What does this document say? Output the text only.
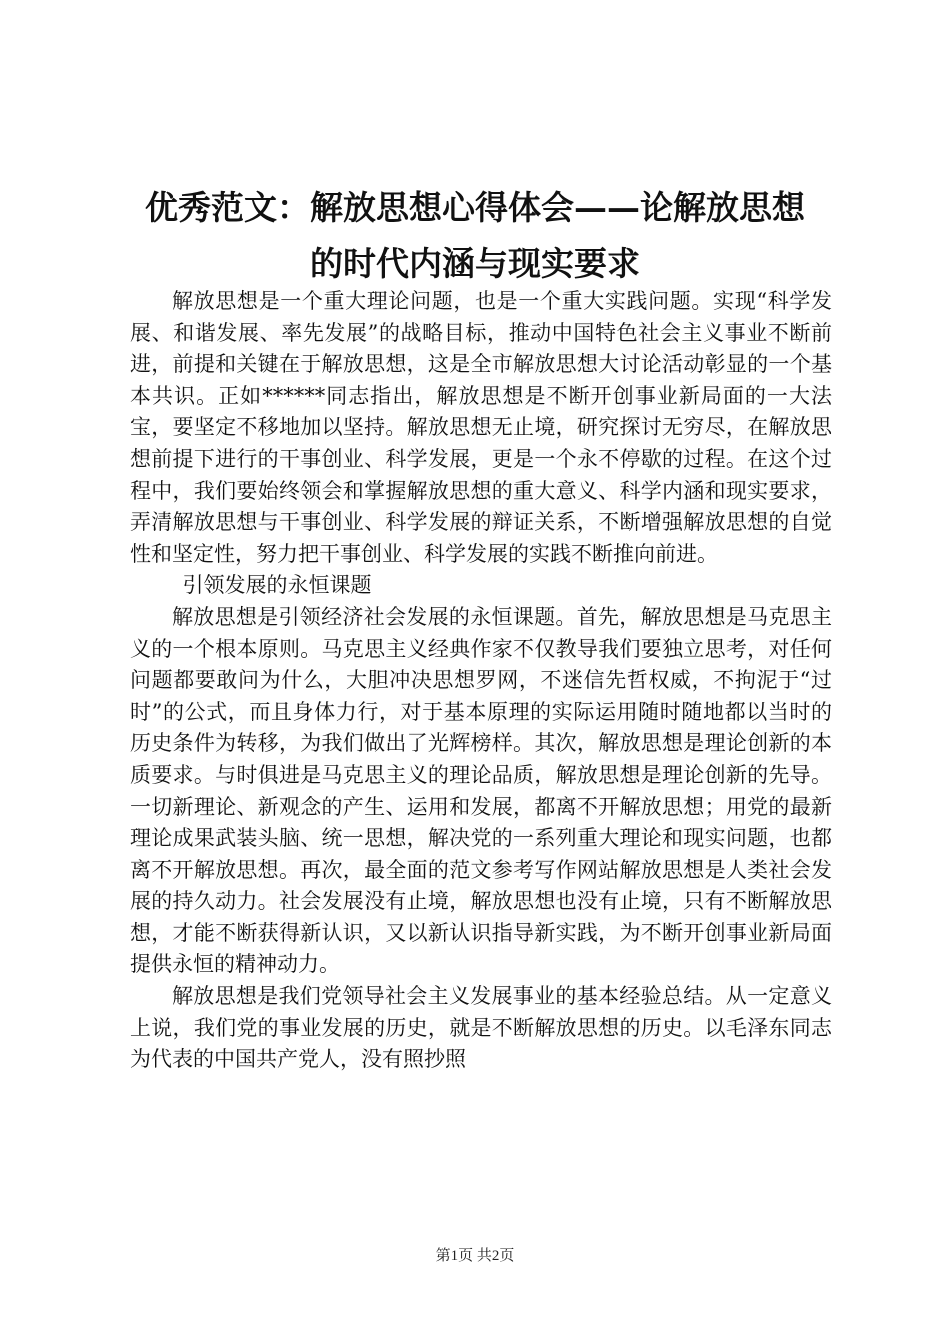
优秀范文：解放思想心得体会——论解放思想
的时代内涵与现实要求

解放思想是一个重大理论问题，也是一个重大实践问题。实现“科学发展、和谐发展、率先发展”的战略目标，推动中国特色社会主义事业不断前进，前提和关键在于解放思想，这是全市解放思想大讨论活动彰显的一个基本共识。正如******同志指出，解放思想是不断开创事业新局面的一大法宝，要坚定不移地加以坚持。解放思想无止境，研究探讨无穷尽，在解放思想前提下进行的干事创业、科学发展，更是一个永不停歇的过程。在这个过程中，我们要始终领会和掌握解放思想的重大意义、科学内涵和现实要求，弄清解放思想与干事创业、科学发展的辩证关系，不断增强解放思想的自觉性和坚定性，努力把干事创业、科学发展的实践不断推向前进。

引领发展的永恒课题

解放思想是引领经济社会发展的永恒课题。首先，解放思想是马克思主义的一个根本原则。马克思主义经典作家不仅教导我们要独立思考，对任何问题都要敢问为什么，大胆冲决思想罗网，不迷信先哲权威，不拘泥于“过时”的公式，而且身体力行，对于基本原理的实际运用随时随地都以当时的历史条件为转移，为我们做出了光辉榜样。其次，解放思想是理论创新的本质要求。与时俱进是马克思主义的理论品质，解放思想是理论创新的先导。一切新理论、新观念的产生、运用和发展，都离不开解放思想；用党的最新理论成果武装头脑、统一思想，解决党的一系列重大理论和现实问题，也都离不开解放思想。再次，最全面的范文参考写作网站解放思想是人类社会发展的持久动力。社会发展没有止境，解放思想也没有止境，只有不断解放思想，才能不断获得新认识，又以新认识指导新实践，为不断开创事业新局面提供永恒的精神动力。

解放思想是我们党领导社会主义发展事业的基本经验总结。从一定意义上说，我们党的事业发展的历史，就是不断解放思想的历史。以毛泽东同志为代表的中国共产党人，没有照抄照

第1页 共2页
